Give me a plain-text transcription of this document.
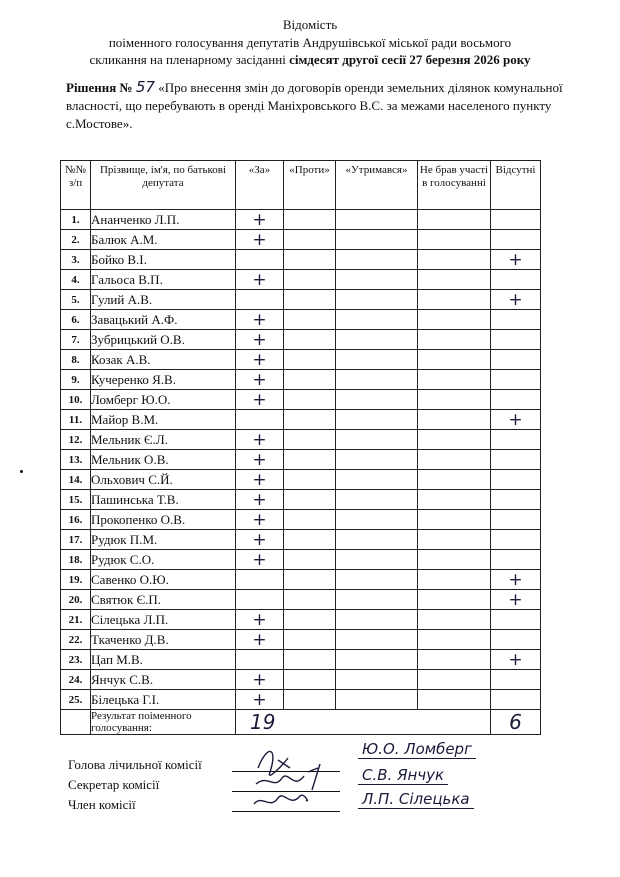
Відомість
поіменного голосування депутатів Андрушівської міської ради восьмого
скликання на пленарному засіданні сімдесят другої сесії 27 березня 2026 року
Рішення № 57 «Про внесення змін до договорів оренди земельних ділянок комунальної власності, що перебувають в оренді Маніхровського В.С. за межами населеного пункту с.Мостове».
№№ з/п	Прізвище, ім'я, по батькові депутата	«За»	«Проти»	«Утримався»	Не брав участі в голосуванні	Відсутні
1.	Ананченко Л.П.	+				
2.	Балюк А.М.	+				
3.	Бойко В.І.					+
4.	Гальоса В.П.	+				
5.	Гулий А.В.					+
6.	Завацький А.Ф.	+				
7.	Зубрицький О.В.	+				
8.	Козак А.В.	+				
9.	Кучеренко Я.В.	+				
10.	Ломберг Ю.О.	+				
11.	Майор В.М.					+
12.	Мельник Є.Л.	+				
13.	Мельник О.В.	+				
14.	Ольхович С.Й.	+				
15.	Пашинська Т.В.	+				
16.	Прокопенко О.В.	+				
17.	Рудюк П.М.	+				
18.	Рудюк С.О.	+				
19.	Савенко О.Ю.					+
20.	Святюк Є.П.					+
21.	Сілецька Л.П.	+				
22.	Ткаченко Д.В.	+				
23.	Цап М.В.					+
24.	Янчук С.В.	+				
25.	Білецька Г.І.	+				
	Результат поіменного голосування:	19				6
Голова лічильної комісії
Секретар комісії
Член комісії
Ю.О. Ломберг
С.В. Янчук
Л.П. Сілецька
